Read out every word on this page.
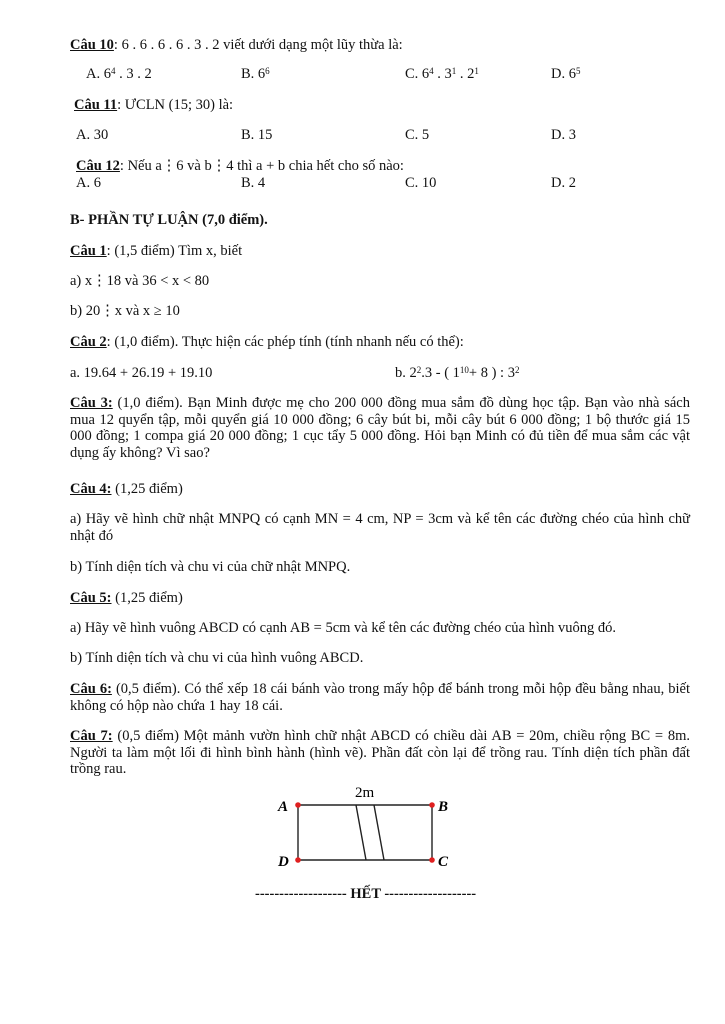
Câu 10: 6 . 6 . 6 . 6 . 3 . 2 viết dưới dạng một lũy thừa là:
A. $6^4$ . 3 . 2	B. $6^6$	C. $6^4$ . $3^1$ . $2^1$	D. $6^5$
Câu 11: ƯCLN (15; 30) là:
A. 30	B. 15	C. 5	D. 3
Câu 12: Nếu a⋮6 và b⋮4 thì a + b chia hết cho số nào:
A. 6	B. 4	C. 10	D. 2
B- PHẦN TỰ LUẬN (7,0 điểm).
Câu 1: (1,5 điểm) Tìm x, biết
a) x⋮18 và 36 < x < 80
b) 20⋮x và x ≥ 10
Câu 2: (1,0 điểm). Thực hiện các phép tính (tính nhanh nếu có thể):
a. 19.64 + 26.19 + 19.10	b. $2^2.3$ - ( $1^{10}+ 8$ ) : $3^2$
Câu 3: (1,0 điểm). Bạn Minh được mẹ cho 200 000 đồng mua sắm đồ dùng học tập. Bạn vào nhà sách mua 12 quyển tập, mỗi quyển giá 10 000 đồng; 6 cây bút bi, mỗi cây bút 6 000 đồng; 1 bộ thước giá 15 000 đồng; 1 compa giá 20 000 đồng; 1 cục tẩy 5 000 đồng. Hỏi bạn Minh có đủ tiền để mua sắm các vật dụng ấy không? Vì sao?
Câu 4: (1,25 điểm)
a) Hãy vẽ hình chữ nhật MNPQ có cạnh MN = 4 cm, NP = 3cm và kể tên các đường chéo của hình chữ nhật đó
b) Tính diện tích và chu vi của chữ nhật MNPQ.
Câu 5: (1,25 điểm)
a) Hãy vẽ hình vuông ABCD có cạnh AB = 5cm và kể tên các đường chéo của hình vuông đó.
b) Tính diện tích và chu vi của hình vuông ABCD.
Câu 6: (0,5 điểm). Có thể xếp 18 cái bánh vào trong mấy hộp để bánh trong mỗi hộp đều bằng nhau, biết không có hộp nào chứa 1 hay 18 cái.
Câu 7: (0,5 điểm) Một mảnh vườn hình chữ nhật ABCD có chiều dài AB = 20m, chiều rộng BC = 8m. Người ta làm một lối đi hình bình hành (hình vẽ). Phần đất còn lại để trồng rau. Tính diện tích phần đất trồng rau.
2m
A	B
C
D
------------------- HẾT -------------------
